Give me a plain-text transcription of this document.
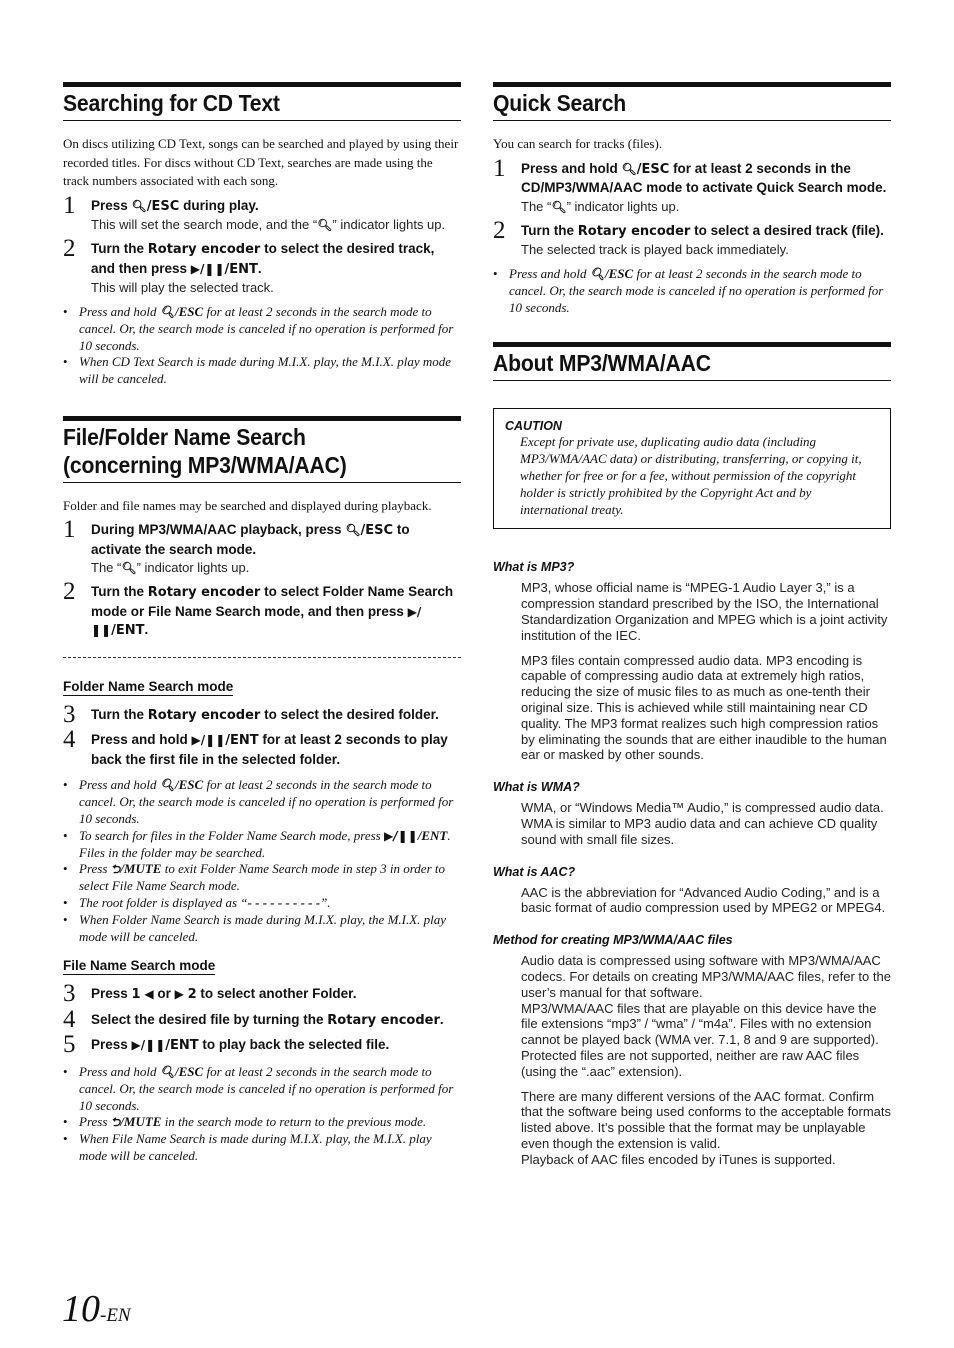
Searching for CD Text

On discs utilizing CD Text, songs can be searched and played by using their recorded titles. For discs without CD Text, searches are made using the track numbers associated with each song.

1 Press 🔍︎/ESC during play.
This will set the search mode, and the “🔍︎” indicator lights up.
2 Turn the Rotary encoder to select the desired track, and then press ▶/❚❚/ENT.
This will play the selected track.
• Press and hold 🔍︎/ESC for at least 2 seconds in the search mode to cancel. Or, the search mode is canceled if no operation is performed for 10 seconds.
• When CD Text Search is made during M.I.X. play, the M.I.X. play mode will be canceled.
File/Folder Name Search
(concerning MP3/WMA/AAC)

Folder and file names may be searched and displayed during playback.

1 During MP3/WMA/AAC playback, press 🔍︎/ESC to activate the search mode.
The “🔍︎” indicator lights up.
2 Turn the Rotary encoder to select Folder Name Search mode or File Name Search mode, and then press ▶/❚❚/ENT.
Folder Name Search mode
3 Turn the Rotary encoder to select the desired folder.
4 Press and hold ▶/❚❚/ENT for at least 2 seconds to play back the first file in the selected folder.
• Press and hold 🔍︎/ESC for at least 2 seconds in the search mode to cancel. Or, the search mode is canceled if no operation is performed for 10 seconds.
• To search for files in the Folder Name Search mode, press ▶/❚❚/ENT. Files in the folder may be searched.
• Press ⮌/MUTE to exit Folder Name Search mode in step 3 in order to select File Name Search mode.
• The root folder is displayed as “- - - - - - - - - -”.
• When Folder Name Search is made during M.I.X. play, the M.I.X. play mode will be canceled.
File Name Search mode
3 Press 1 ◀ or ▶ 2 to select another Folder.
4 Select the desired file by turning the Rotary encoder.
5 Press ▶/❚❚/ENT to play back the selected file.
• Press and hold 🔍︎/ESC for at least 2 seconds in the search mode to cancel. Or, the search mode is canceled if no operation is performed for 10 seconds.
• Press ⮌/MUTE in the search mode to return to the previous mode.
• When File Name Search is made during M.I.X. play, the M.I.X. play mode will be canceled.
Quick Search

You can search for tracks (files).

1 Press and hold 🔍︎/ESC for at least 2 seconds in the CD/MP3/WMA/AAC mode to activate Quick Search mode.
The “🔍︎” indicator lights up.
2 Turn the Rotary encoder to select a desired track (file).
The selected track is played back immediately.
• Press and hold 🔍︎/ESC for at least 2 seconds in the search mode to cancel. Or, the search mode is canceled if no operation is performed for 10 seconds.
About MP3/WMA/AAC
CAUTION
Except for private use, duplicating audio data (including MP3/WMA/AAC data) or distributing, transferring, or copying it, whether for free or for a fee, without permission of the copyright holder is strictly prohibited by the Copyright Act and by international treaty.
What is MP3?

MP3, whose official name is “MPEG-1 Audio Layer 3,” is a compression standard prescribed by the ISO, the International Standardization Organization and MPEG which is a joint activity institution of the IEC.

MP3 files contain compressed audio data. MP3 encoding is capable of compressing audio data at extremely high ratios, reducing the size of music files to as much as one-tenth their original size. This is achieved while still maintaining near CD quality. The MP3 format realizes such high compression ratios by eliminating the sounds that are either inaudible to the human ear or masked by other sounds.

What is WMA?

WMA, or “Windows Media™ Audio,” is compressed audio data. WMA is similar to MP3 audio data and can achieve CD quality sound with small file sizes.

What is AAC?

AAC is the abbreviation for “Advanced Audio Coding,” and is a basic format of audio compression used by MPEG2 or MPEG4.

Method for creating MP3/WMA/AAC files

Audio data is compressed using software with MP3/WMA/AAC codecs. For details on creating MP3/WMA/AAC files, refer to the user’s manual for that software.

MP3/WMA/AAC files that are playable on this device have the file extensions “mp3” / “wma” / “m4a”. Files with no extension cannot be played back (WMA ver. 7.1, 8 and 9 are supported). Protected files are not supported, neither are raw AAC files (using the “.aac” extension).

There are many different versions of the AAC format. Confirm that the software being used conforms to the acceptable formats listed above. It’s possible that the format may be unplayable even though the extension is valid.

Playback of AAC files encoded by iTunes is supported.

10-EN
